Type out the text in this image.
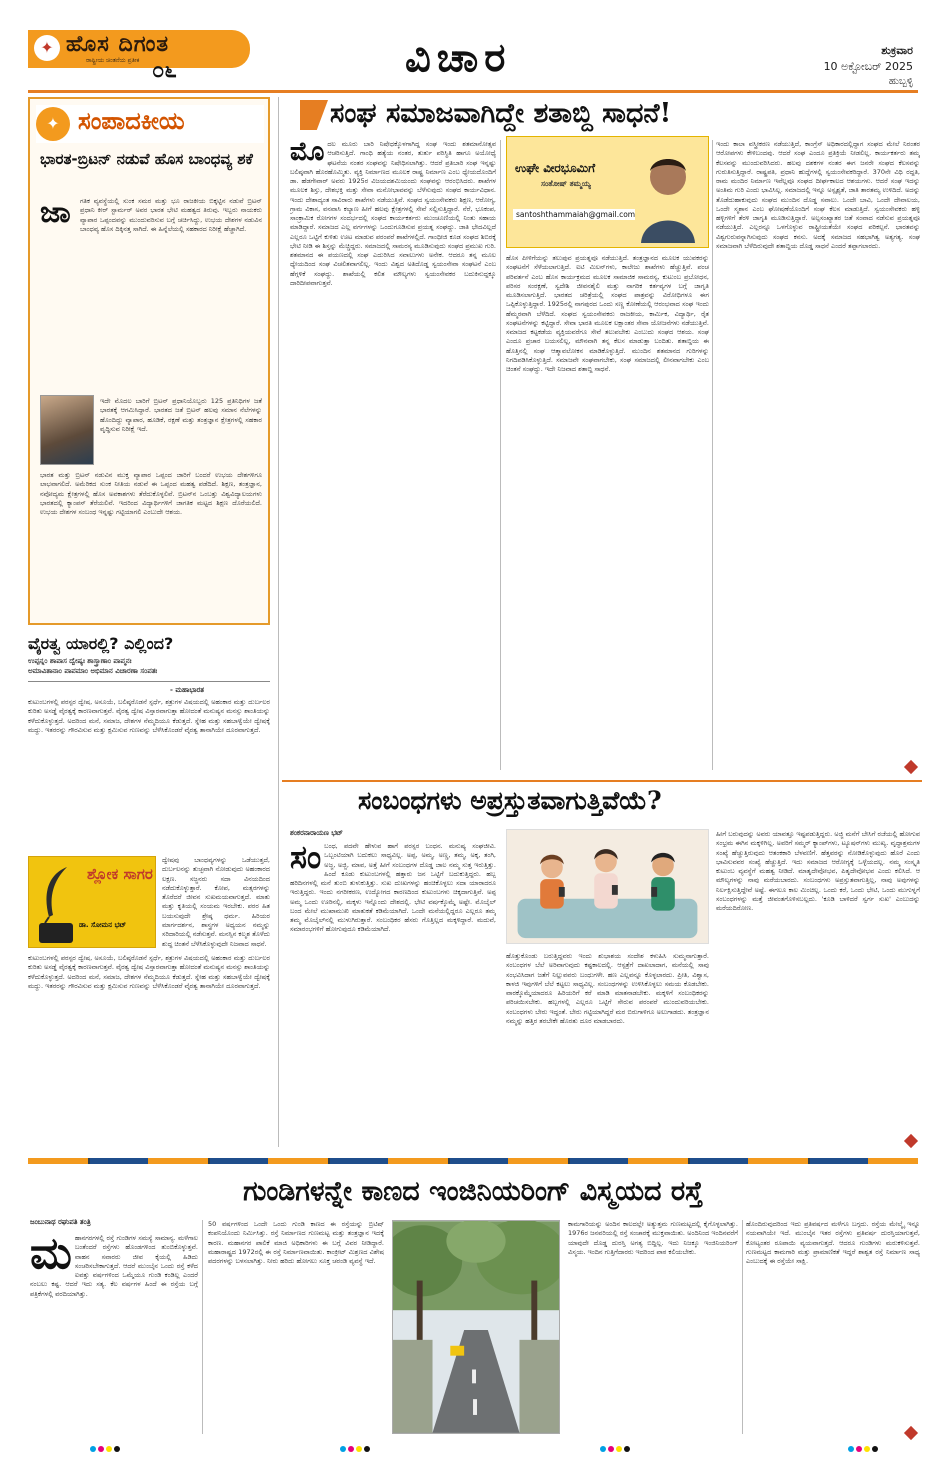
✦ ಹೊಸ ದಿಗಂತ
ರಾಷ್ಟ್ರೀಯ ಚಿಂತನೆಯ ಪ್ರತೀಕ ೦೬	ವಿಚಾರ	ಶುಕ್ರವಾರ
10 ಅಕ್ಟೋಬರ್ 2025
ಹುಬ್ಬಳ್ಳಿ
✦ ಸಂಪಾದಕೀಯ
ಭಾರತ-ಬ್ರಿಟನ್ ನಡುವೆ ಹೊಸ ಬಾಂಧವ್ಯ ಶಕೆ
ಜಾ ಗತಿಕ ವ್ಯವಸ್ಥೆಯಲ್ಲಿ ಸುಂಕ ಸಮರ ಮತ್ತು ಭೂ ರಾಜಕೀಯ ಬಿಕ್ಕಟ್ಟಿನ ನಡುವೆ ಬ್ರಿಟನ್ ಪ್ರಧಾನಿ ಕೀರ್ ಸ್ಟಾರ್ಮರ್ ಅವರ ಭಾರತ ಭೇಟಿ ಮಹತ್ವದ ತಿರುವು. ಇಬ್ಬರು ನಾಯಕರು ವ್ಯಾಪಾರ ಒಪ್ಪಂದವನ್ನು ಮುಂದುವರಿಸುವ ಬಗ್ಗೆ ಚರ್ಚಿಸಿದ್ದು, ಉಭಯ ದೇಶಗಳ ನಡುವಿನ ಬಾಂಧವ್ಯ ಹೊಸ ದಿಕ್ಕಿನತ್ತ ಸಾಗಿದೆ. ಈ ಹಿನ್ನೆಲೆಯಲ್ಲಿ ಸಹಕಾರದ ನಿರೀಕ್ಷೆ ಹೆಚ್ಚಾಗಿದೆ.
ಇದೇ ಮೊದಲ ಬಾರಿಗೆ ಬ್ರಿಟನ್ ಪ್ರಧಾನಿಯೊಬ್ಬರು 125 ಪ್ರತಿನಿಧಿಗಳ ಜತೆ ಭಾರತಕ್ಕೆ ಆಗಮಿಸಿದ್ದಾರೆ. ಭಾರತದ ಜತೆ ಬ್ರಿಟನ್ ಹಲವು ಸಮಾನ ನೆಲೆಗಳನ್ನು ಹೊಂದಿದ್ದು ವ್ಯಾಪಾರ, ಹೂಡಿಕೆ, ರಕ್ಷಣೆ ಮತ್ತು ತಂತ್ರಜ್ಞಾನ ಕ್ಷೇತ್ರಗಳಲ್ಲಿ ಸಹಕಾರ ವೃದ್ಧಿಸುವ ನಿರೀಕ್ಷೆ ಇದೆ.
ಭಾರತ ಮತ್ತು ಬ್ರಿಟನ್ ನಡುವಿನ ಮುಕ್ತ ವ್ಯಾಪಾರ ಒಪ್ಪಂದ ಜಾರಿಗೆ ಬಂದರೆ ಉಭಯ ದೇಶಗಳಿಗೂ ಲಾಭವಾಗಲಿದೆ. ಅಮೆರಿಕದ ಸುಂಕ ನೀತಿಯ ನಡುವೆ ಈ ಒಪ್ಪಂದ ಮಹತ್ವ ಪಡೆದಿದೆ. ಶಿಕ್ಷಣ, ತಂತ್ರಜ್ಞಾನ, ನವೋದ್ಯಮ ಕ್ಷೇತ್ರಗಳಲ್ಲಿ ಹೊಸ ಅವಕಾಶಗಳು ತೆರೆದುಕೊಳ್ಳಲಿವೆ. ಬ್ರಿಟನ್‌ನ ಒಂಬತ್ತು ವಿಶ್ವವಿದ್ಯಾಲಯಗಳು ಭಾರತದಲ್ಲಿ ಕ್ಯಾಂಪಸ್ ತೆರೆಯಲಿವೆ. ಇದರಿಂದ ವಿದ್ಯಾರ್ಥಿಗಳಿಗೆ ಜಾಗತಿಕ ಮಟ್ಟದ ಶಿಕ್ಷಣ ದೊರೆಯಲಿದೆ. ಉಭಯ ದೇಶಗಳ ಸಂಬಂಧ ಇನ್ನಷ್ಟು ಗಟ್ಟಿಯಾಗಲಿ ಎಂಬುದೇ ಆಶಯ.
ವೈರತ್ವ ಯಾರಲ್ಲಿ? ಎಲ್ಲಿಂದ?
ಉಪ್ಪನ್ನಂ ಶಾಪಾಸ ದ್ವೇಷ್ಯಃ ಶಾಸ್ತ್ರಾಣಾಂ ಪಾಪ್ಮನಃ
ಅಮಾವಿತಾನಾಂ ಪಾಪಮಾಂ ಅಭಿಮಾನ ವಿಚಾರಣಾ ಸಂಪತಃ
- ಮಹಾಭಾರತ
ಕುಟುಂಬಗಳಲ್ಲಿ ಪರಸ್ಪರ ದ್ವೇಷ, ಅಸೂಯೆ, ಬಲಿಷ್ಠರೊಡನೆ ಸ್ಪರ್ಧೆ, ಶತ್ರುಗಳ ವಿಷಯದಲ್ಲಿ ಅಹಂಕಾರ ಮತ್ತು ದುರ್ಬಲರ ಕುರಿತು ಅಸಡ್ಡೆ ವೈರತ್ವಕ್ಕೆ ಕಾರಣವಾಗುತ್ತವೆ. ವೈರತ್ವ ದ್ವೇಷ ವಿಸ್ತಾರವಾಗುತ್ತಾ ಹೋದಂತೆ ಮನುಷ್ಯನ ಮನಸ್ಸು ಶಾಂತಿಯನ್ನು ಕಳೆದುಕೊಳ್ಳುತ್ತದೆ. ಅದರಿಂದ ಮನೆ, ಸಮಾಜ, ದೇಶಗಳ ನೆಮ್ಮದಿಯೂ ಕೆಡುತ್ತದೆ. ಸ್ನೇಹ ಮತ್ತು ಸಹಬಾಳ್ವೆಯೇ ದ್ವೇಷಕ್ಕೆ ಮದ್ದು. ಇತರರನ್ನು ಗೌರವಿಸುವ ಮತ್ತು ಕ್ಷಮಿಸುವ ಗುಣವನ್ನು ಬೆಳೆಸಿಕೊಂಡರೆ ವೈರತ್ವ ತಾನಾಗಿಯೇ ದೂರವಾಗುತ್ತದೆ.
ಶ್ಲೋಕ ಸಾಗರ
ಡಾ. ಸೋಮನ ಭಟ್
ದ್ವೇಷವು ಬಾಂಧವ್ಯಗಳನ್ನು ಒಡೆಯುತ್ತದೆ, ದುರ್ಬಲನನ್ನು ತುಚ್ಛವಾಗಿ ನೋಡುವುದು ಅಹಂಕಾರದ ಲಕ್ಷಣ. ಸಜ್ಜನರು ಸದಾ ವಿನಯದಿಂದ ನಡೆದುಕೊಳ್ಳುತ್ತಾರೆ. ಕೋಪ, ಮತ್ಸರಗಳನ್ನು ತೊರೆದರೆ ಜೀವನ ಸುಖಮಯವಾಗುತ್ತದೆ. ಮಾತು ಮತ್ತು ಕೃತಿಯಲ್ಲಿ ಸಂಯಮ ಇರಬೇಕು. ಪರರ ಹಿತ ಬಯಸುವುದೇ ಶ್ರೇಷ್ಠ ಧರ್ಮ. ಹಿರಿಯರ ಮಾರ್ಗದರ್ಶನ, ಶಾಸ್ತ್ರಗಳ ಅಧ್ಯಯನ ನಮ್ಮನ್ನು ಸರಿದಾರಿಯಲ್ಲಿ ನಡೆಸುತ್ತವೆ. ಮನಸ್ಸಿನ ಕಲ್ಮಶ ತೊಳೆದು ಶುದ್ಧ ಚಿಂತನೆ ಬೆಳೆಸಿಕೊಳ್ಳುವುದೇ ನಿಜವಾದ ಸಾಧನೆ.
ಕುಟುಂಬಗಳಲ್ಲಿ ಪರಸ್ಪರ ದ್ವೇಷ, ಅಸೂಯೆ, ಬಲಿಷ್ಠರೊಡನೆ ಸ್ಪರ್ಧೆ, ಶತ್ರುಗಳ ವಿಷಯದಲ್ಲಿ ಅಹಂಕಾರ ಮತ್ತು ದುರ್ಬಲರ ಕುರಿತು ಅಸಡ್ಡೆ ವೈರತ್ವಕ್ಕೆ ಕಾರಣವಾಗುತ್ತವೆ. ವೈರತ್ವ ದ್ವೇಷ ವಿಸ್ತಾರವಾಗುತ್ತಾ ಹೋದಂತೆ ಮನುಷ್ಯನ ಮನಸ್ಸು ಶಾಂತಿಯನ್ನು ಕಳೆದುಕೊಳ್ಳುತ್ತದೆ. ಅದರಿಂದ ಮನೆ, ಸಮಾಜ, ದೇಶಗಳ ನೆಮ್ಮದಿಯೂ ಕೆಡುತ್ತದೆ. ಸ್ನೇಹ ಮತ್ತು ಸಹಬಾಳ್ವೆಯೇ ದ್ವೇಷಕ್ಕೆ ಮದ್ದು. ಇತರರನ್ನು ಗೌರವಿಸುವ ಮತ್ತು ಕ್ಷಮಿಸುವ ಗುಣವನ್ನು ಬೆಳೆಸಿಕೊಂಡರೆ ವೈರತ್ವ ತಾನಾಗಿಯೇ ದೂರವಾಗುತ್ತದೆ.
ಸಂಘ ಸಮಾಜವಾಗಿದ್ದೇ ಶತಾಬ್ದಿ ಸಾಧನೆ!
ಮೊದಲ ಮೂರು ಬಾರಿ ನಿಷೇಧಕ್ಕೊಳಗಾಗಿದ್ದ ಸಂಘ ಇಂದು ಶತಮಾನೋತ್ಸವ ಆಚರಿಸುತ್ತಿದೆ. ಗಾಂಧಿ ಹತ್ಯೆಯ ನಂತರ, ತುರ್ತು ಪರಿಸ್ಥಿತಿ ಹಾಗೂ ಅಯೋಧ್ಯೆ ಘಟನೆಯ ನಂತರ ಸಂಘವನ್ನು ನಿಷೇಧಿಸಲಾಗಿತ್ತು. ಆದರೆ ಪ್ರತಿಬಾರಿ ಸಂಘ ಇನ್ನಷ್ಟು ಬಲಿಷ್ಠವಾಗಿ ಹೊರಹೊಮ್ಮಿತು. ವ್ಯಕ್ತಿ ನಿರ್ಮಾಣದ ಮೂಲಕ ರಾಷ್ಟ್ರ ನಿರ್ಮಾಣ ಎಂಬ ಧ್ಯೇಯದೊಂದಿಗೆ ಡಾ. ಹೆಡಗೇವಾರ್ ಅವರು 1925ರ ವಿಜಯದಶಮಿಯಂದು ಸಂಘವನ್ನು ಆರಂಭಿಸಿದರು. ಶಾಖೆಗಳ ಮೂಲಕ ಶಿಸ್ತು, ದೇಶಭಕ್ತಿ ಮತ್ತು ಸೇವಾ ಮನೋಭಾವವನ್ನು ಬೆಳೆಸುವುದು ಸಂಘದ ಕಾರ್ಯವಿಧಾನ. ಇಂದು ದೇಶಾದ್ಯಂತ ಸಾವಿರಾರು ಶಾಖೆಗಳು ನಡೆಯುತ್ತಿವೆ. ಸಂಘದ ಸ್ವಯಂಸೇವಕರು ಶಿಕ್ಷಣ, ಆರೋಗ್ಯ, ಗ್ರಾಮ ವಿಕಾಸ, ವನವಾಸಿ ಕಲ್ಯಾಣ ಹೀಗೆ ಹಲವು ಕ್ಷೇತ್ರಗಳಲ್ಲಿ ಸೇವೆ ಸಲ್ಲಿಸುತ್ತಿದ್ದಾರೆ. ನೆರೆ, ಭೂಕಂಪ, ಸಾಂಕ್ರಾಮಿಕ ರೋಗಗಳ ಸಂದರ್ಭದಲ್ಲಿ ಸಂಘದ ಕಾರ್ಯಕರ್ತರು ಮುಂಚೂಣಿಯಲ್ಲಿ ನಿಂತು ಸಹಾಯ ಮಾಡಿದ್ದಾರೆ. ಸಮಾಜದ ಎಲ್ಲ ವರ್ಗಗಳನ್ನು ಒಂದುಗೂಡಿಸುವ ಪ್ರಯತ್ನ ಸಂಘದ್ದು. ಜಾತಿ ಭೇದವಿಲ್ಲದೆ ಎಲ್ಲರೂ ಒಟ್ಟಿಗೆ ಕುಳಿತು ಊಟ ಮಾಡುವ ಪರಂಪರೆ ಶಾಖೆಗಳಲ್ಲಿದೆ. ಗಾಂಧೀಜಿ ಕೂಡ ಸಂಘದ ಶಿಬಿರಕ್ಕೆ ಭೇಟಿ ನೀಡಿ ಈ ಶಿಸ್ತನ್ನು ಮೆಚ್ಚಿದ್ದರು. ಸಮಾಜದಲ್ಲಿ ಸಾಮರಸ್ಯ ಮೂಡಿಸುವುದು ಸಂಘದ ಪ್ರಮುಖ ಗುರಿ. ಶತಮಾನದ ಈ ಪಯಣದಲ್ಲಿ ಸಂಘ ಎದುರಿಸಿದ ಸವಾಲುಗಳು ಅನೇಕ. ಆದರೂ ತನ್ನ ಮೂಲ ಧ್ಯೇಯದಿಂದ ಸಂಘ ವಿಚಲಿತವಾಗಲಿಲ್ಲ. ಇಂದು ವಿಶ್ವದ ಅತಿದೊಡ್ಡ ಸ್ವಯಂಸೇವಾ ಸಂಘಟನೆ ಎಂಬ ಹೆಗ್ಗಳಿಕೆ ಸಂಘದ್ದು. ಶಾಖೆಯಲ್ಲಿ ಕಲಿತ ಮೌಲ್ಯಗಳು ಸ್ವಯಂಸೇವಕರ ಬದುಕಿನುದ್ದಕ್ಕೂ ದಾರಿದೀಪವಾಗುತ್ತವೆ.
ಉಘೇ ವೀರಭೂಮಿಗೆ
ಸಂತೋಷ್ ತಮ್ಮಯ್ಯ
santoshthammaiah@gmail.com
ಹೊಸ ಪೀಳಿಗೆಯನ್ನು ತಲುಪುವ ಪ್ರಯತ್ನವೂ ನಡೆಯುತ್ತಿದೆ. ತಂತ್ರಜ್ಞಾನದ ಮೂಲಕ ಯುವಕರನ್ನು ಸಂಘಟನೆಗೆ ಸೆಳೆಯಲಾಗುತ್ತಿದೆ. ಐಟಿ ಮಿಲನ್‌ಗಳು, ಕಾಲೇಜು ಶಾಖೆಗಳು ಹೆಚ್ಚುತ್ತಿವೆ. ಪಂಚ ಪರಿವರ್ತನೆ ಎಂಬ ಹೊಸ ಕಾರ್ಯಕ್ರಮದ ಮೂಲಕ ಸಾಮಾಜಿಕ ಸಾಮರಸ್ಯ, ಕುಟುಂಬ ಪ್ರಬೋಧನ, ಪರಿಸರ ಸಂರಕ್ಷಣೆ, ಸ್ವದೇಶಿ ಜೀವನಶೈಲಿ ಮತ್ತು ನಾಗರಿಕ ಕರ್ತವ್ಯಗಳ ಬಗ್ಗೆ ಜಾಗೃತಿ ಮೂಡಿಸಲಾಗುತ್ತಿದೆ. ಭಾರತದ ಚರಿತ್ರೆಯಲ್ಲಿ ಸಂಘದ ಪಾತ್ರವನ್ನು ವಿರೋಧಿಗಳೂ ಈಗ ಒಪ್ಪಿಕೊಳ್ಳುತ್ತಿದ್ದಾರೆ. 1925ರಲ್ಲಿ ನಾಗಪುರದ ಒಂದು ಸಣ್ಣ ಕೋಣೆಯಲ್ಲಿ ಆರಂಭವಾದ ಸಂಘ ಇಂದು ಹೆಮ್ಮರವಾಗಿ ಬೆಳೆದಿದೆ. ಸಂಘದ ಸ್ವಯಂಸೇವಕರು ರಾಜಕೀಯ, ಕಾರ್ಮಿಕ, ವಿದ್ಯಾರ್ಥಿ, ರೈತ ಸಂಘಟನೆಗಳನ್ನು ಕಟ್ಟಿದ್ದಾರೆ. ಸೇವಾ ಭಾರತಿ ಮೂಲಕ ಲಕ್ಷಾಂತರ ಸೇವಾ ಯೋಜನೆಗಳು ನಡೆಯುತ್ತಿವೆ. ಸಮಾಜದ ಕಟ್ಟಕಡೆಯ ವ್ಯಕ್ತಿಯವರೆಗೂ ಸೇವೆ ತಲುಪಬೇಕು ಎಂಬುದು ಸಂಘದ ಆಶಯ. ಸಂಘ ಎಂದೂ ಪ್ರಚಾರ ಬಯಸಲಿಲ್ಲ, ಮೌನವಾಗಿ ತನ್ನ ಕೆಲಸ ಮಾಡುತ್ತಾ ಬಂದಿತು. ಶತಾಬ್ದಿಯ ಈ ಹೊತ್ತಿನಲ್ಲಿ ಸಂಘ ಆತ್ಮಾವಲೋಕನ ಮಾಡಿಕೊಳ್ಳುತ್ತಿದೆ. ಮುಂದಿನ ಶತಮಾನದ ಗುರಿಗಳನ್ನು ನಿಗದಿಪಡಿಸಿಕೊಳ್ಳುತ್ತಿದೆ. ಸಮಾಜವೇ ಸಂಘವಾಗಬೇಕು, ಸಂಘ ಸಮಾಜದಲ್ಲಿ ಲೀನವಾಗಬೇಕು ಎಂಬ ಚಿಂತನೆ ಸಂಘದ್ದು. ಇದೇ ನಿಜವಾದ ಶತಾಬ್ದಿ ಸಾಧನೆ.
ಇಂದು ಕಾಲಾ ವಸ್ತ್ರೀಕರಣ ನಡೆಯುತ್ತಿದೆ, ಕಾಂಗ್ರೆಸ್ ಅಧಿಕಾರದಲ್ಲಿದ್ದಾಗ ಸಂಘದ ಮೇಲೆ ನಿರಂತರ ಆರೋಪಗಳು ಕೇಳಿಬಂದವು. ಆದರೆ ಸಂಘ ಎಂದೂ ಪ್ರತಿಕ್ರಿಯೆ ನೀಡಲಿಲ್ಲ. ಕಾರ್ಯಕರ್ತರು ತಮ್ಮ ಕೆಲಸವನ್ನು ಮುಂದುವರಿಸಿದರು. ಹಲವು ದಶಕಗಳ ನಂತರ ಈಗ ಜನರೇ ಸಂಘದ ಕೆಲಸವನ್ನು ಗುರುತಿಸುತ್ತಿದ್ದಾರೆ. ರಾಷ್ಟ್ರಪತಿ, ಪ್ರಧಾನಿ ಹುದ್ದೆಗಳಲ್ಲಿ ಸ್ವಯಂಸೇವಕರಿದ್ದಾರೆ. 370ನೇ ವಿಧಿ ರದ್ದತಿ, ರಾಮ ಮಂದಿರ ನಿರ್ಮಾಣ ಇವೆಲ್ಲವೂ ಸಂಘದ ದೀರ್ಘಕಾಲದ ಆಶಯಗಳು. ಆದರೆ ಸಂಘ ಇದನ್ನು ಅಂತಿಮ ಗುರಿ ಎಂದು ಭಾವಿಸಿಲ್ಲ. ಸಮಾಜದಲ್ಲಿ ಇನ್ನೂ ಅಸ್ಪೃಶ್ಯತೆ, ಜಾತಿ ತಾರತಮ್ಯ ಉಳಿದಿದೆ. ಅದನ್ನು ತೊಡೆದುಹಾಕುವುದು ಸಂಘದ ಮುಂದಿನ ದೊಡ್ಡ ಸವಾಲು. ಒಂದೇ ಬಾವಿ, ಒಂದೇ ದೇವಾಲಯ, ಒಂದೇ ಸ್ಮಶಾನ ಎಂಬ ಘೋಷಣೆಯೊಂದಿಗೆ ಸಂಘ ಕೆಲಸ ಮಾಡುತ್ತಿದೆ. ಸ್ವಯಂಸೇವಕರು ಹಳ್ಳಿ ಹಳ್ಳಿಗಳಿಗೆ ತೆರಳಿ ಜಾಗೃತಿ ಮೂಡಿಸುತ್ತಿದ್ದಾರೆ. ಅಲ್ಪಸಂಖ್ಯಾತರ ಜತೆ ಸಂವಾದ ನಡೆಸುವ ಪ್ರಯತ್ನವೂ ನಡೆಯುತ್ತಿದೆ. ಎಲ್ಲರನ್ನೂ ಒಳಗೊಳ್ಳುವ ರಾಷ್ಟ್ರೀಯತೆಯೇ ಸಂಘದ ಪರಿಕಲ್ಪನೆ. ಭಾರತವನ್ನು ವಿಶ್ವಗುರುವನ್ನಾಗಿಸುವುದು ಸಂಘದ ಕನಸು. ಅದಕ್ಕೆ ಸಮಾಜದ ಸಹಭಾಗಿತ್ವ ಅತ್ಯಗತ್ಯ. ಸಂಘ ಸಮಾಜವಾಗಿ ಬೆಳೆದಿರುವುದೇ ಶತಾಬ್ದಿಯ ದೊಡ್ಡ ಸಾಧನೆ ಎಂದರೆ ತಪ್ಪಾಗಲಾರದು.
ಸಂಬಂಧಗಳು ಅಪ್ರಸ್ತುತವಾಗುತ್ತಿವೆಯೆ?
ಶಂಕರನಾರಾಯಣ ಭಟ್
ಸಂಬಂಧ, ಪದವೇ ಹೇಳುವ ಹಾಗೆ ಪರಸ್ಪರ ಬಂಧನ. ಮನುಷ್ಯ ಸಂಘಜೀವಿ. ಒಬ್ಬಂಟಿಯಾಗಿ ಬದುಕಲು ಸಾಧ್ಯವಿಲ್ಲ. ಅಪ್ಪ, ಅಮ್ಮ, ಅಣ್ಣ, ತಮ್ಮ, ಅಕ್ಕ, ತಂಗಿ, ಅಜ್ಜ, ಅಜ್ಜಿ, ಮಾವ, ಅತ್ತೆ ಹೀಗೆ ಸಂಬಂಧಗಳ ದೊಡ್ಡ ಜಾಲ ನಮ್ಮ ಸುತ್ತ ಇರುತ್ತಿತ್ತು. ಹಿಂದೆ ಕೂಡು ಕುಟುಂಬಗಳಲ್ಲಿ ಹತ್ತಾರು ಜನ ಒಟ್ಟಿಗೆ ಬದುಕುತ್ತಿದ್ದರು. ಹಬ್ಬ ಹರಿದಿನಗಳಲ್ಲಿ ಮನೆ ತುಂಬಿ ತುಳುಕುತ್ತಿತ್ತು. ಸುಖ ದುಃಖಗಳನ್ನು ಹಂಚಿಕೊಳ್ಳಲು ಸದಾ ಯಾರಾದರೂ ಇರುತ್ತಿದ್ದರು. ಇಂದು ನಗರೀಕರಣ, ಉದ್ಯೋಗದ ಕಾರಣದಿಂದ ಕುಟುಂಬಗಳು ಚಿಕ್ಕದಾಗುತ್ತಿವೆ. ಅಪ್ಪ ಅಮ್ಮ ಒಂದು ಊರಿನಲ್ಲಿ, ಮಕ್ಕಳು ಇನ್ನೊಂದು ದೇಶದಲ್ಲಿ. ಭೇಟಿ ವರ್ಷಕ್ಕೊಮ್ಮೆ ಅಷ್ಟೇ. ಮೊಬೈಲ್ ಬಂದ ಮೇಲೆ ಮುಖಾಮುಖಿ ಮಾತುಕತೆ ಕಡಿಮೆಯಾಗಿದೆ. ಒಂದೇ ಮನೆಯಲ್ಲಿದ್ದರೂ ಎಲ್ಲರೂ ತಮ್ಮ ತಮ್ಮ ಮೊಬೈಲ್‌ನಲ್ಲಿ ಮುಳುಗಿರುತ್ತಾರೆ. ಸಂಬಂಧಿಕರ ಹೆಸರು ಗೊತ್ತಿಲ್ಲದ ಮಕ್ಕಳಿದ್ದಾರೆ. ಮದುವೆ, ಸಮಾರಂಭಗಳಿಗೆ ಹೋಗುವುದೂ ಕಡಿಮೆಯಾಗಿದೆ.
ಹೊತ್ತುಕೊಂಡು ಬರುತ್ತಿದ್ದವರು ಇಂದು ಶುಭಾಶಯ ಸಂದೇಶ ಕಳುಹಿಸಿ ಸುಮ್ಮನಾಗುತ್ತಾರೆ. ಸಂಬಂಧಗಳ ಬೆಲೆ ಅರಿವಾಗುವುದು ಕಷ್ಟಕಾಲದಲ್ಲಿ. ಆಸ್ಪತ್ರೆಗೆ ದಾಖಲಾದಾಗ, ಮನೆಯಲ್ಲಿ ಸಾವು ಸಂಭವಿಸಿದಾಗ ಜತೆಗೆ ನಿಲ್ಲುವವರು ಬಂಧುಗಳೇ. ಹಣ ಎಲ್ಲವನ್ನೂ ಕೊಳ್ಳಲಾರದು. ಪ್ರೀತಿ, ವಿಶ್ವಾಸ, ಕಾಳಜಿ ಇವುಗಳಿಗೆ ಬೆಲೆ ಕಟ್ಟಲು ಸಾಧ್ಯವಿಲ್ಲ. ಸಂಬಂಧಗಳನ್ನು ಉಳಿಸಿಕೊಳ್ಳಲು ಸಮಯ ಕೊಡಬೇಕು. ವಾರಕ್ಕೊಮ್ಮೆಯಾದರೂ ಹಿರಿಯರಿಗೆ ಕರೆ ಮಾಡಿ ಮಾತನಾಡಬೇಕು. ಮಕ್ಕಳಿಗೆ ಸಂಬಂಧಿಕರನ್ನು ಪರಿಚಯಿಸಬೇಕು. ಹಬ್ಬಗಳಲ್ಲಿ ಎಲ್ಲರೂ ಒಟ್ಟಿಗೆ ಸೇರುವ ಪರಂಪರೆ ಮುಂದುವರಿಯಬೇಕು. ಸಂಬಂಧಗಳು ಬೇರು ಇದ್ದಂತೆ. ಬೇರು ಗಟ್ಟಿಯಾಗಿದ್ದರೆ ಮರ ಬಿರುಗಾಳಿಗೂ ಅಲುಗಾಡದು. ತಂತ್ರಜ್ಞಾನ ನಮ್ಮನ್ನು ಹತ್ತಿರ ತರಬೇಕೇ ಹೊರತು ದೂರ ಮಾಡಬಾರದು.
ಹೀಗೆ ಬರುವುದನ್ನು ಅವರು ಯಾವತ್ತೂ ಇಷ್ಟಪಡುತ್ತಿದ್ದರು. ಅಜ್ಜಿ ಮನೆಗೆ ಬೇಸಿಗೆ ರಜೆಯಲ್ಲಿ ಹೋಗುವ ಸಂಭ್ರಮ ಈಗಿನ ಮಕ್ಕಳಿಗಿಲ್ಲ. ಅವರಿಗೆ ಸಮ್ಮರ್ ಕ್ಯಾಂಪ್‌ಗಳು, ಟ್ಯೂಷನ್‌ಗಳು ಮುಖ್ಯ. ವೃದ್ಧಾಶ್ರಮಗಳ ಸಂಖ್ಯೆ ಹೆಚ್ಚುತ್ತಿರುವುದು ಆತಂಕಕಾರಿ ಬೆಳವಣಿಗೆ. ಹೆತ್ತವರನ್ನು ನೋಡಿಕೊಳ್ಳುವುದು ಹೊರೆ ಎಂದು ಭಾವಿಸುವವರ ಸಂಖ್ಯೆ ಹೆಚ್ಚುತ್ತಿದೆ. ಇದು ಸಮಾಜದ ಆರೋಗ್ಯಕ್ಕೆ ಒಳ್ಳೆಯದಲ್ಲ. ನಮ್ಮ ಸಂಸ್ಕೃತಿ ಕುಟುಂಬ ವ್ಯವಸ್ಥೆಗೆ ಮಹತ್ವ ನೀಡಿದೆ. ಮಾತೃದೇವೋಭವ, ಪಿತೃದೇವೋಭವ ಎಂದು ಕಲಿಸಿದೆ. ಆ ಮೌಲ್ಯಗಳನ್ನು ನಾವು ಮರೆಯಬಾರದು. ಸಂಬಂಧಗಳು ಅಪ್ರಸ್ತುತವಾಗುತ್ತಿಲ್ಲ, ನಾವು ಅವುಗಳನ್ನು ನಿರ್ಲಕ್ಷಿಸುತ್ತಿದ್ದೇವೆ ಅಷ್ಟೆ. ಈಗಲೂ ಕಾಲ ಮಿಂಚಿಲ್ಲ. ಒಂದು ಕರೆ, ಒಂದು ಭೇಟಿ, ಒಂದು ಮುಗುಳ್ನಗೆ ಸಂಬಂಧಗಳನ್ನು ಮತ್ತೆ ಜೀವಂತಗೊಳಿಸಬಲ್ಲದು. 'ಕೂಡಿ ಬಾಳಿದರೆ ಸ್ವರ್ಗ ಸುಖ' ಎಂಬುದನ್ನು ಮರೆಯದಿರೋಣ.
ಗುಂಡಿಗಳನ್ನೇ ಕಾಣದ ಇಂಜಿನಿಯರಿಂಗ್ ವಿಸ್ಮಯದ ರಸ್ತೆ
ಜಂಬುನಾಥ ರಘುಪತಿ ತಂತ್ರಿ
ಮಹಾನಗರಗಳಲ್ಲಿ ರಸ್ತೆ ಗುಂಡಿಗಳ ಸಮಸ್ಯೆ ಸಾಮಾನ್ಯ. ಮಳೆಗಾಲ ಬಂತೆಂದರೆ ರಸ್ತೆಗಳು ಹೊಂಡಗಳಿಂದ ತುಂಬಿಕೊಳ್ಳುತ್ತವೆ. ವಾಹನ ಸವಾರರು ಜೀವ ಕೈಯಲ್ಲಿ ಹಿಡಿದು ಸಂಚರಿಸಬೇಕಾಗುತ್ತದೆ. ಆದರೆ ಮುಂಬೈನ ಒಂದು ರಸ್ತೆ ಕಳೆದ ಐವತ್ತು ವರ್ಷಗಳಿಂದ ಒಮ್ಮೆಯೂ ಗುಂಡಿ ಕಂಡಿಲ್ಲ ಎಂದರೆ ನಂಬಲು ಕಷ್ಟ. ಆದರೆ ಇದು ಸತ್ಯ. ಕೆಲ ವರ್ಷಗಳ ಹಿಂದೆ ಈ ರಸ್ತೆಯ ಬಗ್ಗೆ ಪತ್ರಿಕೆಗಳಲ್ಲಿ ವರದಿಯಾಗಿತ್ತು.
50 ವರ್ಷಗಳಿಂದ ಒಂದೇ ಒಂದು ಗುಂಡಿ ಕಾಣದ ಈ ರಸ್ತೆಯನ್ನು ಬ್ರಿಟಿಷ್ ಕಂಪನಿಯೊಂದು ನಿರ್ಮಿಸಿತ್ತು. ರಸ್ತೆ ನಿರ್ಮಾಣದ ಗುಣಮಟ್ಟ ಮತ್ತು ತಂತ್ರಜ್ಞಾನ ಇದಕ್ಕೆ ಕಾರಣ. ಮಹಾನಗರ ಪಾಲಿಕೆ ಮಾಜಿ ಅಧಿಕಾರಿಗಳು ಈ ಬಗ್ಗೆ ವಿವರ ನೀಡಿದ್ದಾರೆ. ಮಹಾರಾಷ್ಟ್ರದ 1972ರಲ್ಲಿ ಈ ರಸ್ತೆ ನಿರ್ಮಾಣವಾಯಿತು. ಕಾಂಕ್ರೀಟ್ ಮಿಶ್ರಣದ ವಿಶೇಷ ಪದರಗಳನ್ನು ಬಳಸಲಾಗಿತ್ತು. ನೀರು ಹರಿದು ಹೋಗಲು ಸೂಕ್ತ ಚರಂಡಿ ವ್ಯವಸ್ಥೆ ಇದೆ.
ಕಾಮಗಾರಿಯನ್ನು ಅಂದಿನ ಕಾಲದಲ್ಲೇ ಅತ್ಯುತ್ತಮ ಗುಣಮಟ್ಟದಲ್ಲಿ ಕೈಗೊಳ್ಳಲಾಗಿತ್ತು. 1976ರ ಜನವರಿಯಲ್ಲಿ ರಸ್ತೆ ಸಂಚಾರಕ್ಕೆ ಮುಕ್ತವಾಯಿತು. ಅಂದಿನಿಂದ ಇಂದಿನವರೆಗೆ ಯಾವುದೇ ದೊಡ್ಡ ದುರಸ್ತಿ ಅಗತ್ಯ ಬಿದ್ದಿಲ್ಲ. ಇದು ನಿಜಕ್ಕೂ ಇಂಜಿನಿಯರಿಂಗ್ ವಿಸ್ಮಯ. ಇಂದಿನ ಗುತ್ತಿಗೆದಾರರು ಇದರಿಂದ ಪಾಠ ಕಲಿಯಬೇಕು.
ಹೊಂದಿರುವುದರಿಂದ ಇದು ಪ್ರತಿವರ್ಷದ ಮಳೆಗೂ ಬಗ್ಗದು. ರಸ್ತೆಯ ಮೇಲ್ಮೈ ಇನ್ನೂ ನಯವಾಗಿಯೇ ಇದೆ. ಮುಂಬೈನ ಇತರ ರಸ್ತೆಗಳು ಪ್ರತಿವರ್ಷ ದುರಸ್ತಿಯಾಗುತ್ತವೆ, ಕೋಟ್ಯಂತರ ರೂಪಾಯಿ ವ್ಯಯವಾಗುತ್ತದೆ. ಆದರೂ ಗುಂಡಿಗಳು ಮರುಕಳಿಸುತ್ತವೆ. ಗುಣಮಟ್ಟದ ಕಾಮಗಾರಿ ಮತ್ತು ಪ್ರಾಮಾಣಿಕತೆ ಇದ್ದರೆ ಶಾಶ್ವತ ರಸ್ತೆ ನಿರ್ಮಾಣ ಸಾಧ್ಯ ಎಂಬುದಕ್ಕೆ ಈ ರಸ್ತೆಯೇ ಸಾಕ್ಷಿ.
